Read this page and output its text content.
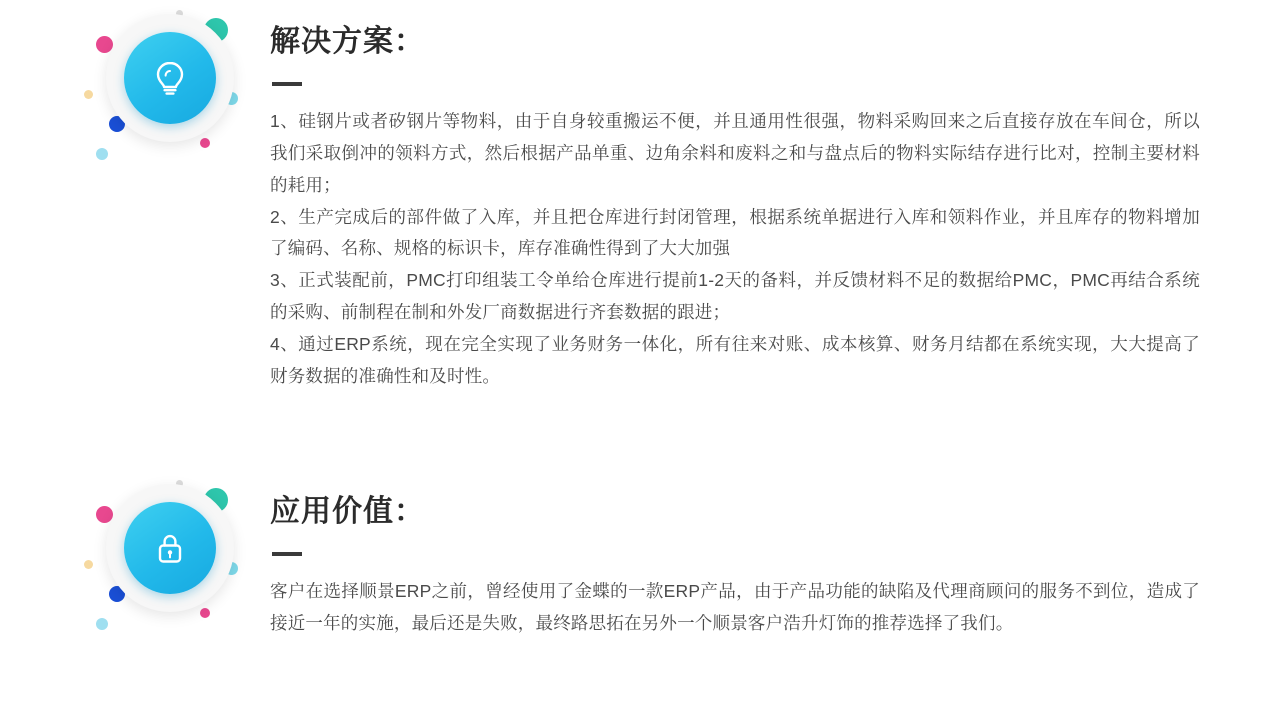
解决方案：

1、硅钢片或者矽钢片等物料，由于自身较重搬运不便，并且通用性很强，物料采购回来之后直接存放在车间仓，所以我们采取倒冲的领料方式，然后根据产品单重、边角余料和废料之和与盘点后的物料实际结存进行比对，控制主要材料的耗用；

2、生产完成后的部件做了入库，并且把仓库进行封闭管理，根据系统单据进行入库和领料作业，并且库存的物料增加了编码、名称、规格的标识卡，库存准确性得到了大大加强

3、正式装配前，PMC打印组装工令单给仓库进行提前1-2天的备料，并反馈材料不足的数据给PMC，PMC再结合系统的采购、前制程在制和外发厂商数据进行齐套数据的跟进；

4、通过ERP系统，现在完全实现了业务财务一体化，所有往来对账、成本核算、财务月结都在系统实现，大大提高了财务数据的准确性和及时性。

应用价值：

客户在选择顺景ERP之前，曾经使用了金蝶的一款ERP产品，由于产品功能的缺陷及代理商顾问的服务不到位，造成了接近一年的实施，最后还是失败，最终路思拓在另外一个顺景客户浩升灯饰的推荐选择了我们。
